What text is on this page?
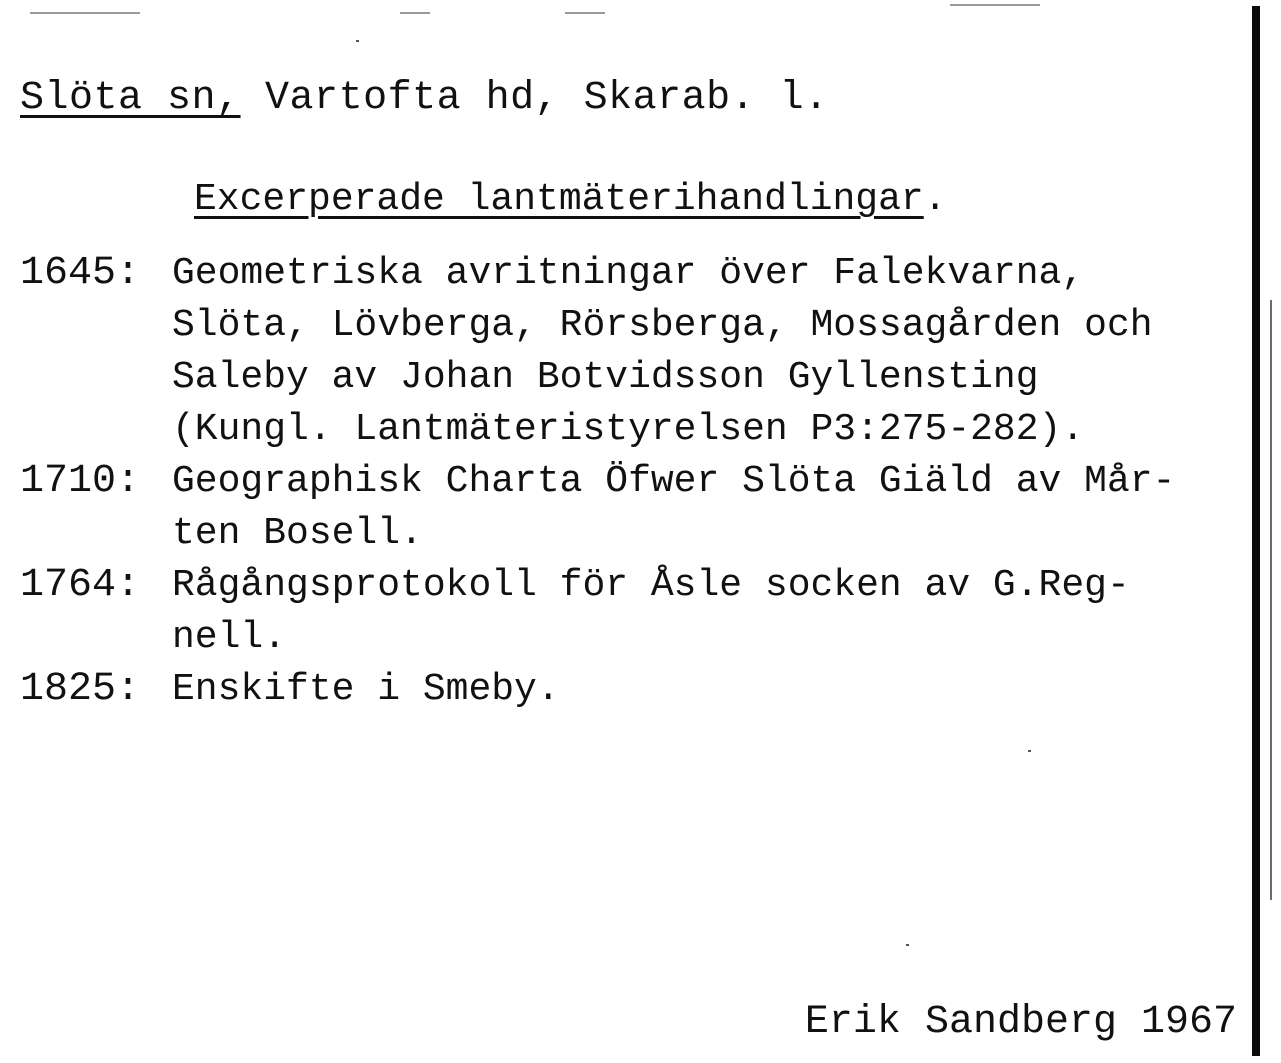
Slöta sn, Vartofta hd, Skarab. l.
Excerperade lantmäterihandlingar.
1645: Geometriska avritningar över Falekvarna,
Slöta, Lövberga, Rörsberga, Mossagården och
Saleby av Johan Botvidsson Gyllensting
(Kungl. Lantmäteristyrelsen P3:275-282).
1710: Geographisk Charta Öfwer Slöta Giäld av Mår-
ten Bosell.
1764: Rågångsprotokoll för Åsle socken av G.Reg-
nell.
1825: Enskifte i Smeby.
Erik Sandberg 1967
